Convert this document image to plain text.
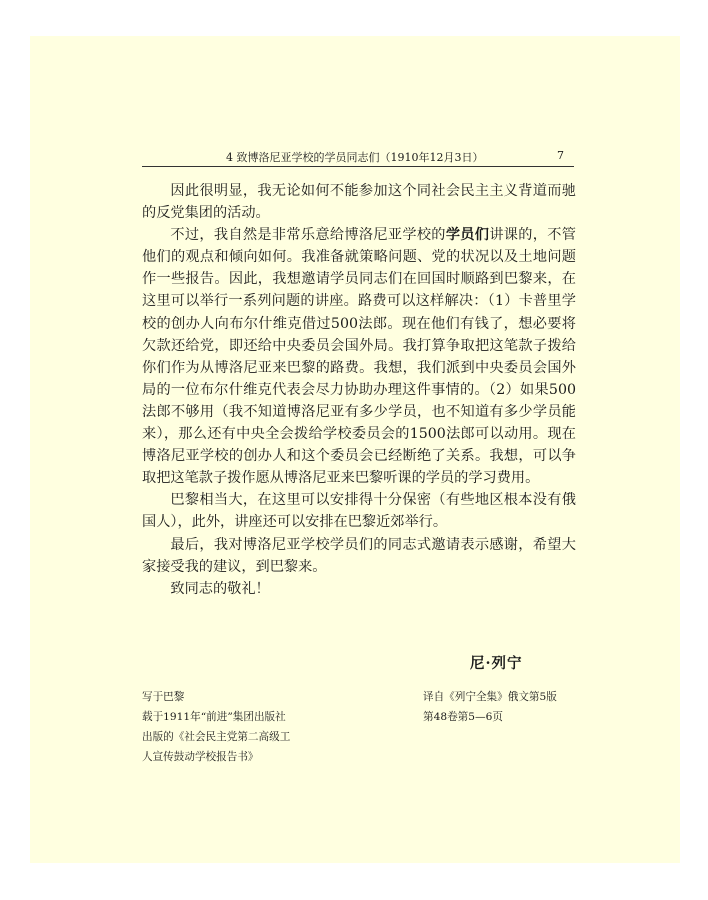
4 致博洛尼亚学校的学员同志们（1910年12月3日）	7

因此很明显，我无论如何不能参加这个同社会民主主义背道而驰的反党集团的活动。

不过，我自然是非常乐意给博洛尼亚学校的学员们讲课的，不管他们的观点和倾向如何。我准备就策略问题、党的状况以及土地问题作一些报告。因此，我想邀请学员同志们在回国时顺路到巴黎来，在这里可以举行一系列问题的讲座。路费可以这样解决：（1）卡普里学校的创办人向布尔什维克借过500法郎。现在他们有钱了，想必要将欠款还给党，即还给中央委员会国外局。我打算争取把这笔款子拨给你们作为从博洛尼亚来巴黎的路费。我想，我们派到中央委员会国外局的一位布尔什维克代表会尽力协助办理这件事情的。（2）如果500法郎不够用（我不知道博洛尼亚有多少学员，也不知道有多少学员能来），那么还有中央全会拨给学校委员会的1500法郎可以动用。现在博洛尼亚学校的创办人和这个委员会已经断绝了关系。我想，可以争取把这笔款子拨作愿从博洛尼亚来巴黎听课的学员的学习费用。

巴黎相当大，在这里可以安排得十分保密（有些地区根本没有俄国人），此外，讲座还可以安排在巴黎近郊举行。

最后，我对博洛尼亚学校学员们的同志式邀请表示感谢，希望大家接受我的建议，到巴黎来。

致同志的敬礼！

尼·列宁
写于巴黎
载于1911年“前进”集团出版社
出版的《社会民主党第二高级工
人宣传鼓动学校报告书》
译自《列宁全集》俄文第5版
第48卷第5—6页
